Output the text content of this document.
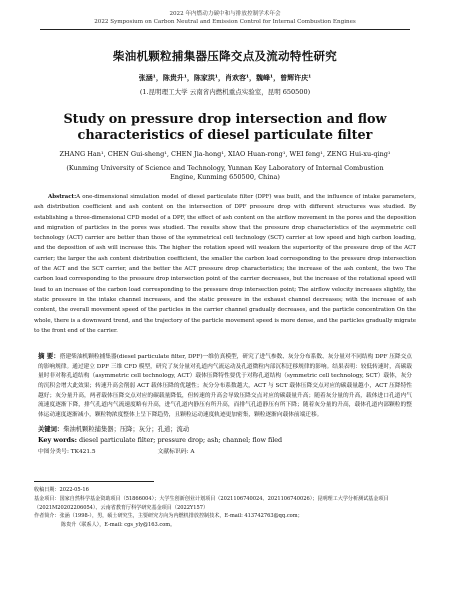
2022 年内燃动力碳中和与排放控制学术年会
2022 Symposium on Carbon Neutral and Emission Control for Internal Combustion Engines
柴油机颗粒捕集器压降交点及流动特性研究
张涵¹，陈贵升¹，陈家洪¹，肖欢容¹，魏峰¹，曾辉许庆¹
(1.昆明理工大学 云南省内燃机重点实验室，昆明 650500)
Study on pressure drop intersection and flow characteristics of diesel particulate filter
ZHANG Han¹, CHEN Gui-sheng¹, CHEN Jia-hong¹, XIAO Huan-rong¹, WEI feng¹, ZENG Hui-xu-qing¹
(Kunming University of Science and Technology, Yunnan Key Laboratory of Internal Combustion Engine, Kunming 650500, China)
Abstract:A one-dimensional simulation model of diesel particulate filter (DPF) was built, and the influence of intake parameters, ash distribution coefficient and ash content on the intersection of DPF pressure drop with different structures was studied. By establishing a three-dimensional CFD model of a DPF, the effect of ash content on the airflow movement in the pores and the deposition and migration of particles in the pores was studied. The results show that the pressure drop characteristics of the asymmetric cell technology (ACT) carrier are better than those of the symmetrical cell technology (SCT) carrier at low speed and high carbon loading, and the deposition of ash will increase this. The higher the rotation speed will weaken the superiority of the pressure drop of the ACT carrier; the larger the ash content distribution coefficient, the smaller the carbon load corresponding to the pressure drop intersection of the ACT and the SCT carrier, and the better the ACT pressure drop characteristics; the increase of the ash content, the two The carbon load corresponding to the pressure drop intersection point of the carrier decreases, but the increase of the rotational speed will lead to an increase of the carbon load corresponding to the pressure drop intersection point; The airflow velocity increases slightly, the static pressure in the intake channel increases, and the static pressure in the exhaust channel decreases; with the increase of ash content, the overall movement speed of the particles in the carrier channel gradually decreases, and the particle concentration On the whole, there is a downward trend, and the trajectory of the particle movement speed is more dense, and the particles gradually migrate to the front end of the carrier.
摘 要：搭建柴油机颗粒捕集器(diesel particulate filter, DPF)一维仿真模型，研究了进气参数、灰分分布系数、灰分量对不同结构 DPF 压降交点的影响规律。通过建立 DPF 三维 CFD 模型，研究了灰分量对孔道内气流运动及孔道微粒内部沉积迁移规律的影响。结果表明：较低转速时，高碳载量时非对称孔道结构（asymmetric cell technology, ACT）载体压降特性要优于对称孔道结构（symmetric cell technology, SCT）载体，灰分的沉积会增大此效果；转速升高会削弱 ACT 载体压降的优越性；灰分分布系数越大，ACT 与 SCT 载体压降交点对应的碳载量越小，ACT 压降特性越好；灰分量升高，两者载体压降交点对应的碳载量降低，但转速的升高会导致压降交点对应的碳载量升高；随着灰分量的升高，载体进口孔道内气流速度逐渐下降，排气孔道内气流速度略有升高，进气孔道内静压有所升高，而排气孔道静压有所下降；随着灰分量的升高，载体孔道内部颗粒的整体运动速度逐渐减小，颗粒物浓度整体上呈下降趋势，且颗粒运动速度轨迹更加密集，颗粒逐渐向载体前端迁移。
关键词：柴油机颗粒捕集器；压降；灰分；孔道；流动
Key words: diesel particulate filter; pressure drop; ash; channel; flow filed
中图分类号: TK421.5	文献标识码: A
收稿日期：2022-05-16
基金项目：国家自然科学基金资助项目（51866004）；大学生创新创业计划项目（2021106740024、2021106740026）；昆明理工大学分析测试基金项目（2021M20202206054）、云南省教育厅科学研究基金项目（2022Y157）
作者简介：张涵（1998-），男，硕士研究生，主要研究方向为内燃机排放控制技术，E-mail: 413742763@qq.com；
陈贵升（联系人），E-mail: cgs_yly@163.com。
